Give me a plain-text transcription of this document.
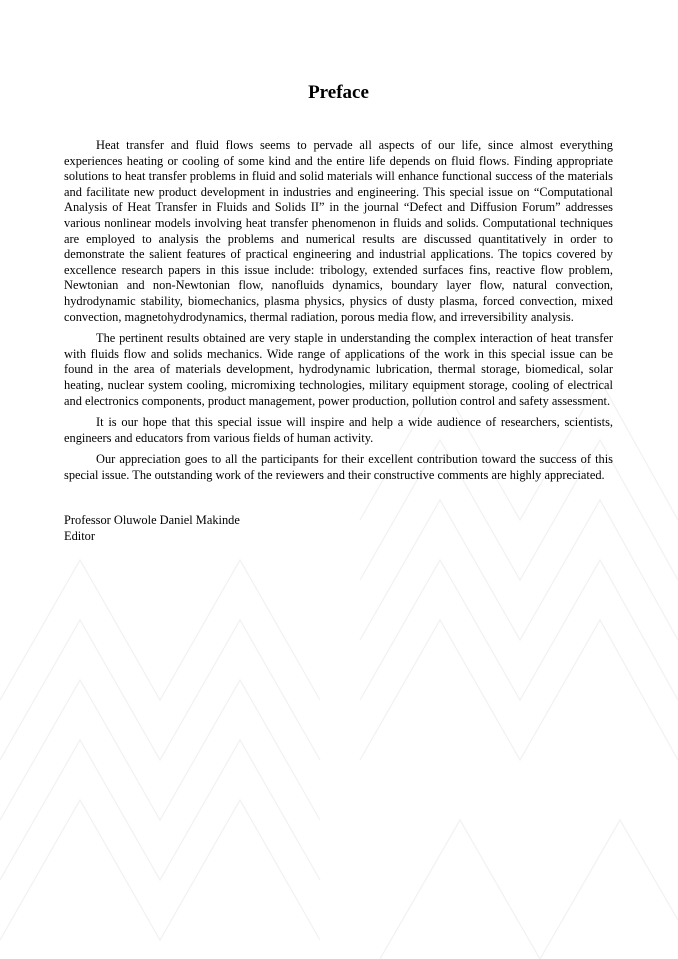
Preface

Heat transfer and fluid flows seems to pervade all aspects of our life, since almost everything experiences heating or cooling of some kind and the entire life depends on fluid flows. Finding appropriate solutions to heat transfer problems in fluid and solid materials will enhance functional success of the materials and facilitate new product development in industries and engineering. This special issue on “Computational Analysis of Heat Transfer in Fluids and Solids II” in the journal “Defect and Diffusion Forum” addresses various nonlinear models involving heat transfer phenomenon in fluids and solids. Computational techniques are employed to analysis the problems and numerical results are discussed quantitatively in order to demonstrate the salient features of practical engineering and industrial applications. The topics covered by excellence research papers in this issue include: tribology, extended surfaces fins, reactive flow problem, Newtonian and non-Newtonian flow, nanofluids dynamics, boundary layer flow, natural convection, hydrodynamic stability, biomechanics, plasma physics, physics of dusty plasma, forced convection, mixed convection, magnetohydrodynamics, thermal radiation, porous media flow, and irreversibility analysis.

The pertinent results obtained are very staple in understanding the complex interaction of heat transfer with fluids flow and solids mechanics. Wide range of applications of the work in this special issue can be found in the area of materials development, hydrodynamic lubrication, thermal storage, biomedical, solar heating, nuclear system cooling, micromixing technologies, military equipment storage, cooling of electrical and electronics components, product management, power production, pollution control and safety assessment.

It is our hope that this special issue will inspire and help a wide audience of researchers, scientists, engineers and educators from various fields of human activity.

Our appreciation goes to all the participants for their excellent contribution toward the success of this special issue. The outstanding work of the reviewers and their constructive comments are highly appreciated.

Professor Oluwole Daniel Makinde
Editor
